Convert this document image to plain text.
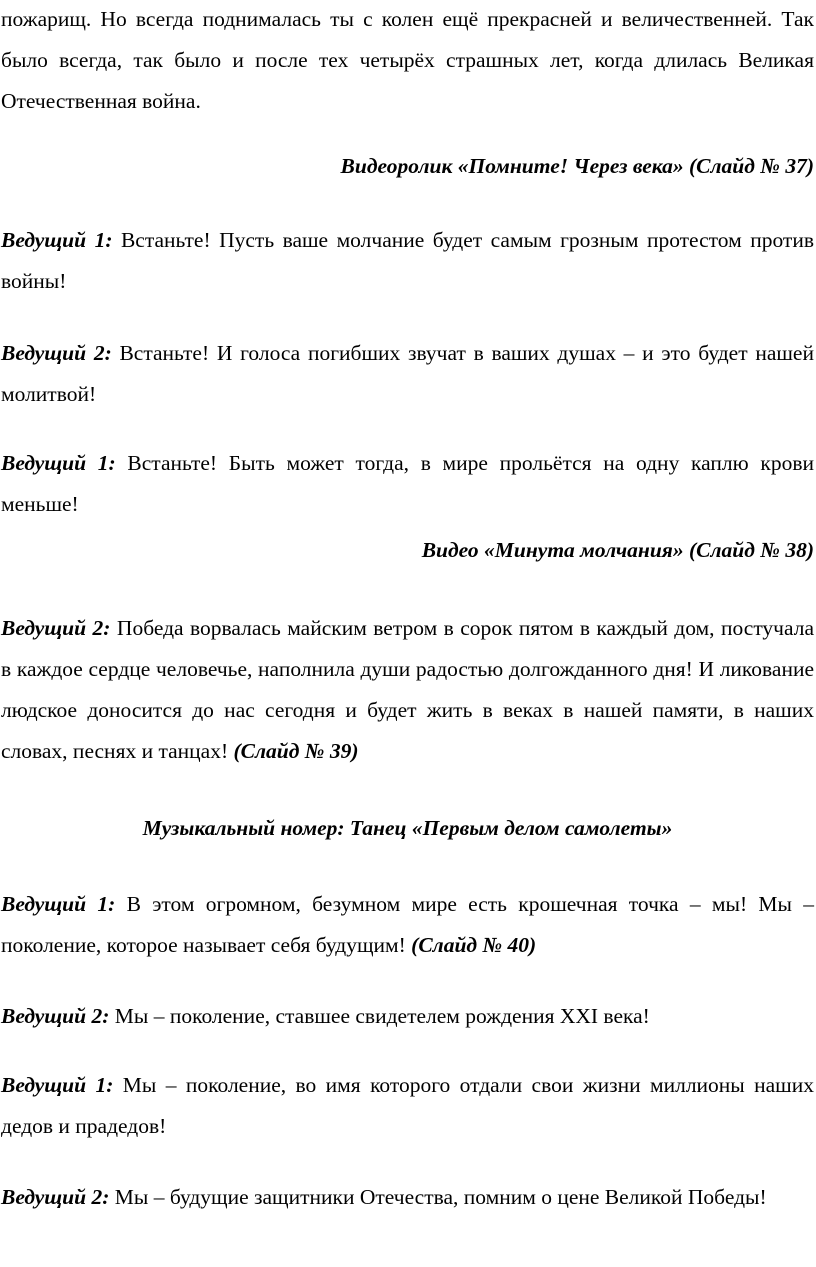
пожарищ. Но всегда поднималась ты с колен ещё прекрасней и величественней. Так было всегда, так было и после тех четырёх страшных лет, когда длилась Великая Отечественная война.

Видеоролик «Помните! Через века» (Слайд № 37)

Ведущий 1: Встаньте! Пусть ваше молчание будет самым грозным протестом против войны!

Ведущий 2: Встаньте! И голоса погибших звучат в ваших душах – и это будет нашей молитвой!

Ведущий 1: Встаньте! Быть может тогда, в мире прольётся на одну каплю крови меньше!

Видео «Минута молчания» (Слайд № 38)

Ведущий 2: Победа ворвалась майским ветром в сорок пятом в каждый дом, постучала в каждое сердце человечье, наполнила души радостью долгожданного дня! И ликование людское доносится до нас сегодня и будет жить в веках в нашей памяти, в наших словах, песнях и танцах! (Слайд № 39)

Музыкальный номер: Танец «Первым делом самолеты»

Ведущий 1: В этом огромном, безумном мире есть крошечная точка – мы! Мы – поколение, которое называет себя будущим! (Слайд № 40)

Ведущий 2: Мы – поколение, ставшее свидетелем рождения XXI века!

Ведущий 1: Мы – поколение, во имя которого отдали свои жизни миллионы наших дедов и прадедов!

Ведущий 2: Мы – будущие защитники Отечества, помним о цене Великой Победы!
